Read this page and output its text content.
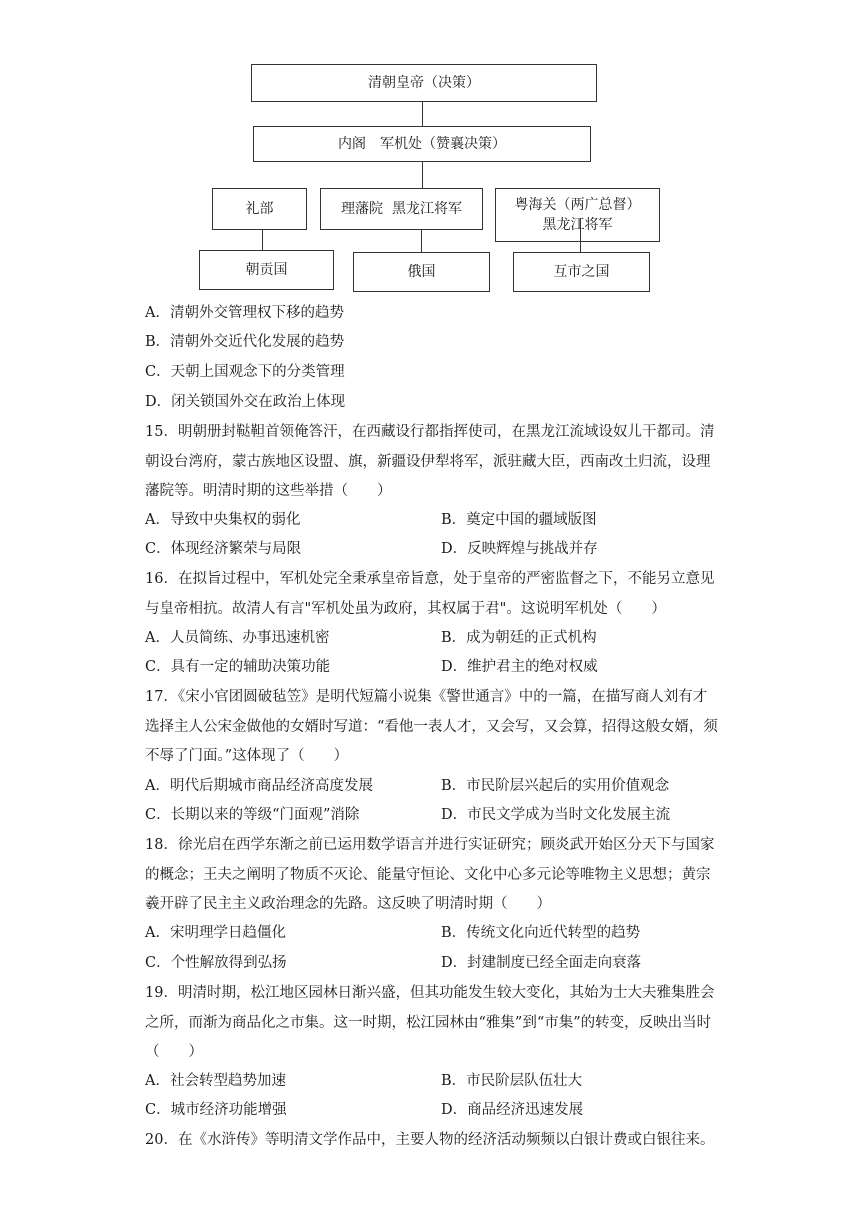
清朝皇帝（决策）
内阁　军机处（赞襄决策）
礼部	理藩院  黑龙江将军	粤海关（两广总督）
黑龙江将军
朝贡国	俄国	互市之国
A．清朝外交管理权下移的趋势
B．清朝外交近代化发展的趋势
C．天朝上国观念下的分类管理
D．闭关锁国外交在政治上体现
15．明朝册封鞑靼首领俺答汗，在西藏设行都指挥使司，在黑龙江流域设奴儿干都司。清朝设台湾府，蒙古族地区设盟、旗，新疆设伊犁将军，派驻藏大臣，西南改土归流，设理藩院等。明清时期的这些举措（　　）
A．导致中央集权的弱化	B．奠定中国的疆域版图
C．体现经济繁荣与局限	D．反映辉煌与挑战并存
16．在拟旨过程中，军机处完全秉承皇帝旨意，处于皇帝的严密监督之下，不能另立意见与皇帝相抗。故清人有言"军机处虽为政府，其权属于君"。这说明军机处（　　）
A．人员简练、办事迅速机密	B．成为朝廷的正式机构
C．具有一定的辅助决策功能	D．维护君主的绝对权威
17．《宋小官团圆破毡笠》是明代短篇小说集《警世通言》中的一篇，在描写商人刘有才选择主人公宋金做他的女婿时写道：“看他一表人才，又会写，又会算，招得这般女婿，须不辱了门面。”这体现了（　　）
A．明代后期城市商品经济高度发展	B．市民阶层兴起后的实用价值观念
C．长期以来的等级“门面观”消除	D．市民文学成为当时文化发展主流
18．徐光启在西学东渐之前已运用数学语言并进行实证研究；顾炎武开始区分天下与国家的概念；王夫之阐明了物质不灭论、能量守恒论、文化中心多元论等唯物主义思想；黄宗羲开辟了民主主义政治理念的先路。这反映了明清时期（　　）
A．宋明理学日趋僵化	B．传统文化向近代转型的趋势
C．个性解放得到弘扬	D．封建制度已经全面走向衰落
19．明清时期，松江地区园林日渐兴盛，但其功能发生较大变化，其始为士大夫雅集胜会之所，而渐为商品化之市集。这一时期，松江园林由“雅集”到“市集”的转变，反映出当时（　　）
A．社会转型趋势加速	B．市民阶层队伍壮大
C．城市经济功能增强	D．商品经济迅速发展
20．在《水浒传》等明清文学作品中，主要人物的经济活动频频以白银计费或白银往来。
